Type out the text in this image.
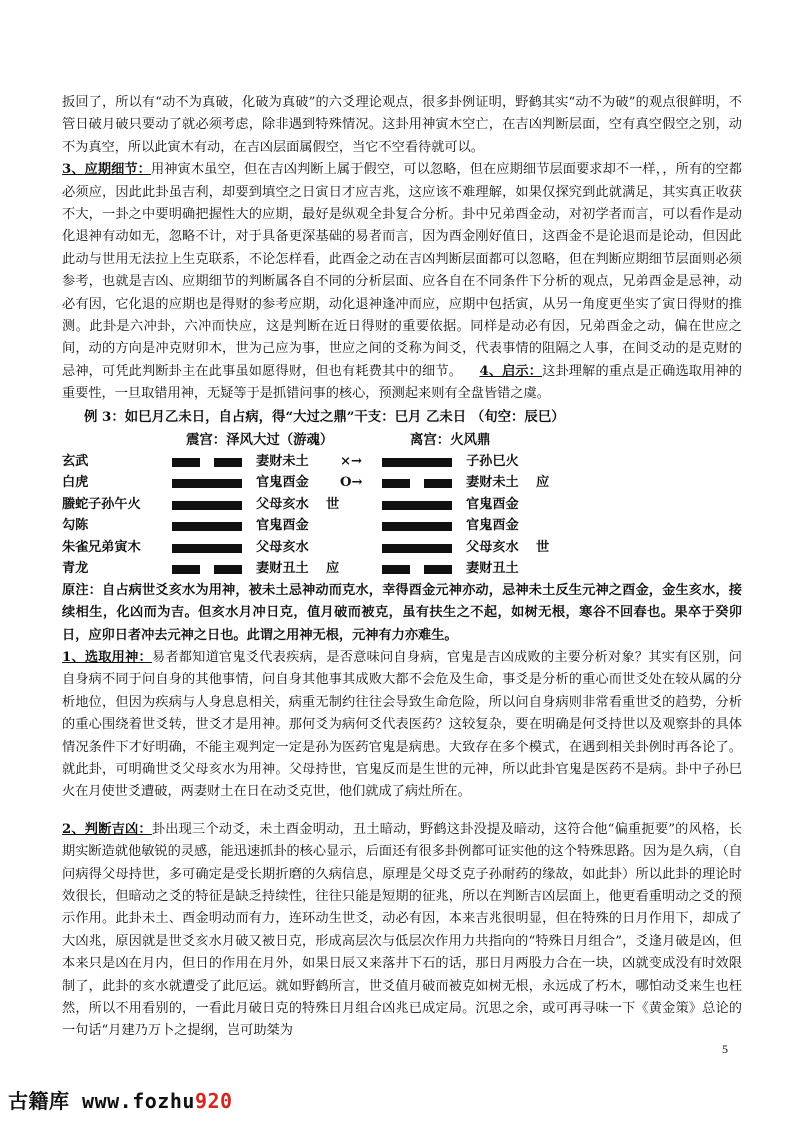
扳回了，所以有“动不为真破，化破为真破”的六爻理论观点，很多卦例证明，野鹤其实“动不为破”的观点很鲜明，不管日破月破只要动了就必须考虑，除非遇到特殊情况。这卦用神寅木空亡，在吉凶判断层面，空有真空假空之别，动不为真空，所以此寅木有动，在吉凶层面属假空，当它不空看待就可以。

3、应期细节：用神寅木虽空，但在吉凶判断上属于假空，可以忽略，但在应期细节层面要求却不一样，，所有的空都必须应，因此此卦虽吉利，却要到填空之日寅日才应吉兆，这应该不难理解，如果仅探究到此就满足，其实真正收获不大，一卦之中要明确把握性大的应期，最好是纵观全卦复合分析。卦中兄弟酉金动，对初学者而言，可以看作是动化退神有动如无，忽略不计，对于具备更深基础的易者而言，因为酉金刚好值日，这酉金不是论退而是论动，但因此此动与世用无法拉上生克联系，不论怎样看，此酉金之动在吉凶判断层面都可以忽略，但在判断应期细节层面则必须参考，也就是吉凶、应期细节的判断属各自不同的分析层面、应各自在不同条件下分析的观点，兄弟酉金是忌神，动必有因，它化退的应期也是得财的参考应期，动化退神逢冲而应，应期中包括寅，从另一角度更坐实了寅日得财的推测。此卦是六冲卦，六冲而快应，这是判断在近日得财的重要依据。同样是动必有因，兄弟酉金之动，偏在世应之间，动的方向是冲克财卯木，世为己应为事，世应之间的爻称为间爻，代表事情的阻隔之人事，在间爻动的是克财的忌神，可凭此判断卦主在此事虽如愿得财，但也有耗费其中的细节。 4、启示：这卦理解的重点是正确选取用神的重要性，一旦取错用神，无疑等于是抓错问事的核心，预测起来则有全盘皆错之虞。

例 3：如巳月乙未日，自占病，得“大过之鼎”干支：巳月 乙未日 （旬空：辰巳）
震宫：泽风大过（游魂）	离宫：火风鼎
玄武	妻财未土 ×→	子孙巳火
白虎	官鬼酉金 O→	妻财未土 应
螣蛇 子孙午火	父母亥水 世	官鬼酉金
勾陈	官鬼酉金	官鬼酉金
朱雀 兄弟寅木	父母亥水	父母亥水 世
青龙	妻财丑土 应	妻财丑土

原注：自占病世爻亥水为用神，被未土忌神动而克水，幸得酉金元神亦动，忌神未土反生元神之酉金，金生亥水，接续相生，化凶而为吉。但亥水月冲日克，值月破而被克，虽有扶生之不起，如树无根，寒谷不回春也。果卒于癸卯日，应卯日者冲去元神之日也。此谓之用神无根，元神有力亦难生。

1、选取用神：易者都知道官鬼爻代表疾病，是否意味问自身病，官鬼是吉凶成败的主要分析对象？其实有区别，问自身病不同于问自身的其他事情，问自身其他事其成败大都不会危及生命，事爻是分析的重心而世爻处在较从属的分析地位，但因为疾病与人身息息相关，病重无制约往往会导致生命危险，所以问自身病则非常看重世爻的趋势，分析的重心围绕着世爻转，世爻才是用神。那何爻为病何爻代表医药？这较复杂，要在明确是何爻持世以及观察卦的具体情况条件下才好明确，不能主观判定一定是孙为医药官鬼是病患。大致存在多个模式，在遇到相关卦例时再各论了。就此卦，可明确世爻父母亥水为用神。父母持世，官鬼反而是生世的元神，所以此卦官鬼是医药不是病。卦中子孙巳火在月使世爻遭破，两妻财土在日在动爻克世，他们就成了病灶所在。

2、判断吉凶：卦出现三个动爻，未土酉金明动，丑土暗动，野鹤这卦没提及暗动，这符合他“偏重扼要”的风格，长期实断造就他敏锐的灵感，能迅速抓卦的核心显示，后面还有很多卦例都可证实他的这个特殊思路。因为是久病，（自问病得父母持世，多可确定是受长期折磨的久病信息，原理是父母爻克子孙耐药的缘故，如此卦）所以此卦的理论时效很长，但暗动之爻的特征是缺乏持续性，往往只能是短期的征兆，所以在判断吉凶层面上，他更看重明动之爻的预示作用。此卦未土、酉金明动而有力，连环动生世爻，动必有因，本来吉兆很明显，但在特殊的日月作用下，却成了大凶兆，原因就是世爻亥水月破又被日克，形成高层次与低层次作用力共指向的“特殊日月组合”，爻逢月破是凶，但本来只是凶在月内，但日的作用在月外，如果日辰又来落井下石的话，那日月两股力合在一块，凶就变成没有时效限制了，此卦的亥水就遭受了此厄运。就如野鹤所言，世爻值月破而被克如树无根，永远成了朽木，哪怕动爻来生也枉然，所以不用看别的，一看此月破日克的特殊日月组合凶兆已成定局。沉思之余，或可再寻味一下《黄金策》总论的一句话“月建乃万卜之提纲，岂可助桀为

5
古籍库 www.fozhu920
